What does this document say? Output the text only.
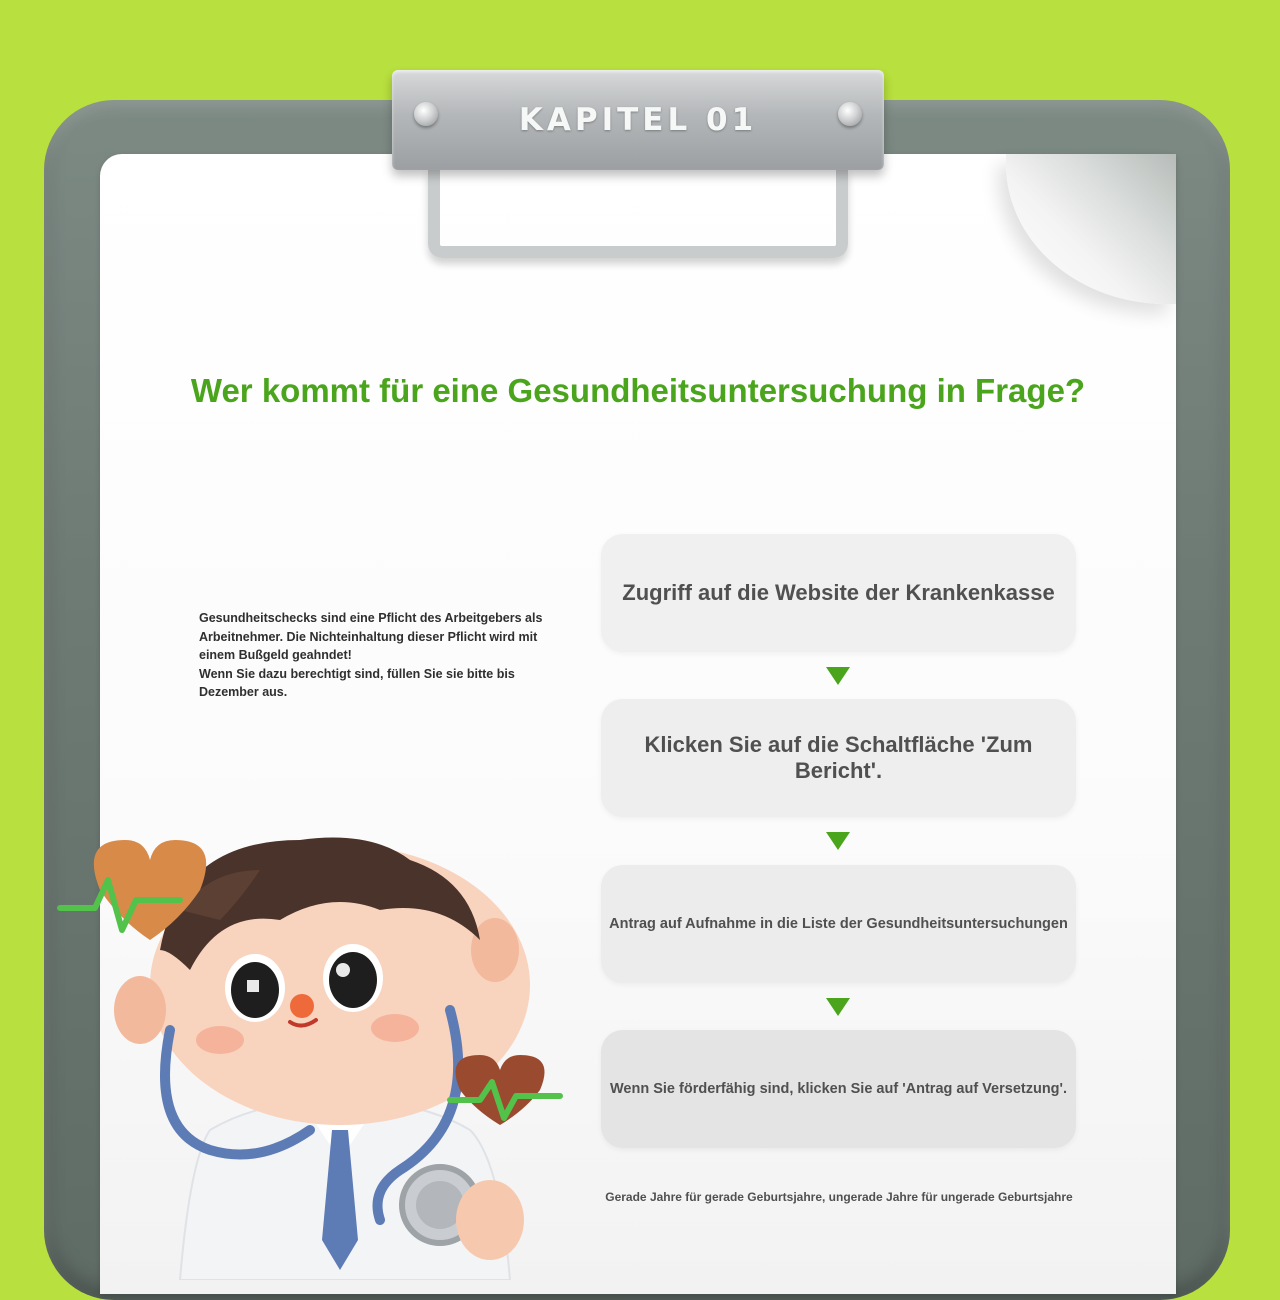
KAPITEL 01
Wer kommt für eine Gesundheitsuntersuchung in Frage?
Gesundheitschecks sind eine Pflicht des Arbeitgebers als Arbeitnehmer. Die Nichteinhaltung dieser Pflicht wird mit einem Bußgeld geahndet!
Wenn Sie dazu berechtigt sind, füllen Sie sie bitte bis Dezember aus.
Zugriff auf die Website der Krankenkasse
Klicken Sie auf die Schaltfläche 'Zum Bericht'.
Antrag auf Aufnahme in die Liste der Gesundheitsuntersuchungen
Wenn Sie förderfähig sind, klicken Sie auf 'Antrag auf Versetzung'.
Gerade Jahre für gerade Geburtsjahre, ungerade Jahre für ungerade Geburtsjahre
